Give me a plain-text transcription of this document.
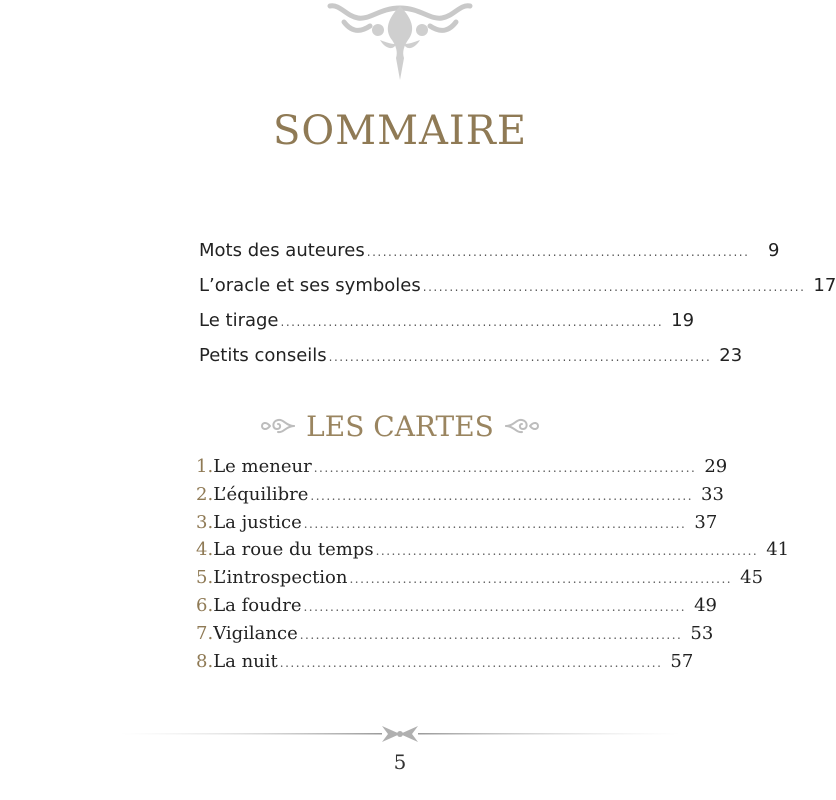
SOMMAIRE
Mots des auteures ........................................................................	9
L’oracle et ses symboles ........................................................................ 17
Le tirage ........................................................................ 19
Petits conseils ........................................................................ 23
LES CARTES
1. Le meneur ........................................................................ 29
2. L’équilibre ........................................................................ 33
3. La justice ........................................................................ 37
4. La roue du temps ........................................................................ 41
5. L’introspection ........................................................................ 45
6. La foudre ........................................................................ 49
7. Vigilance ........................................................................ 53
8. La nuit ........................................................................ 57
5
